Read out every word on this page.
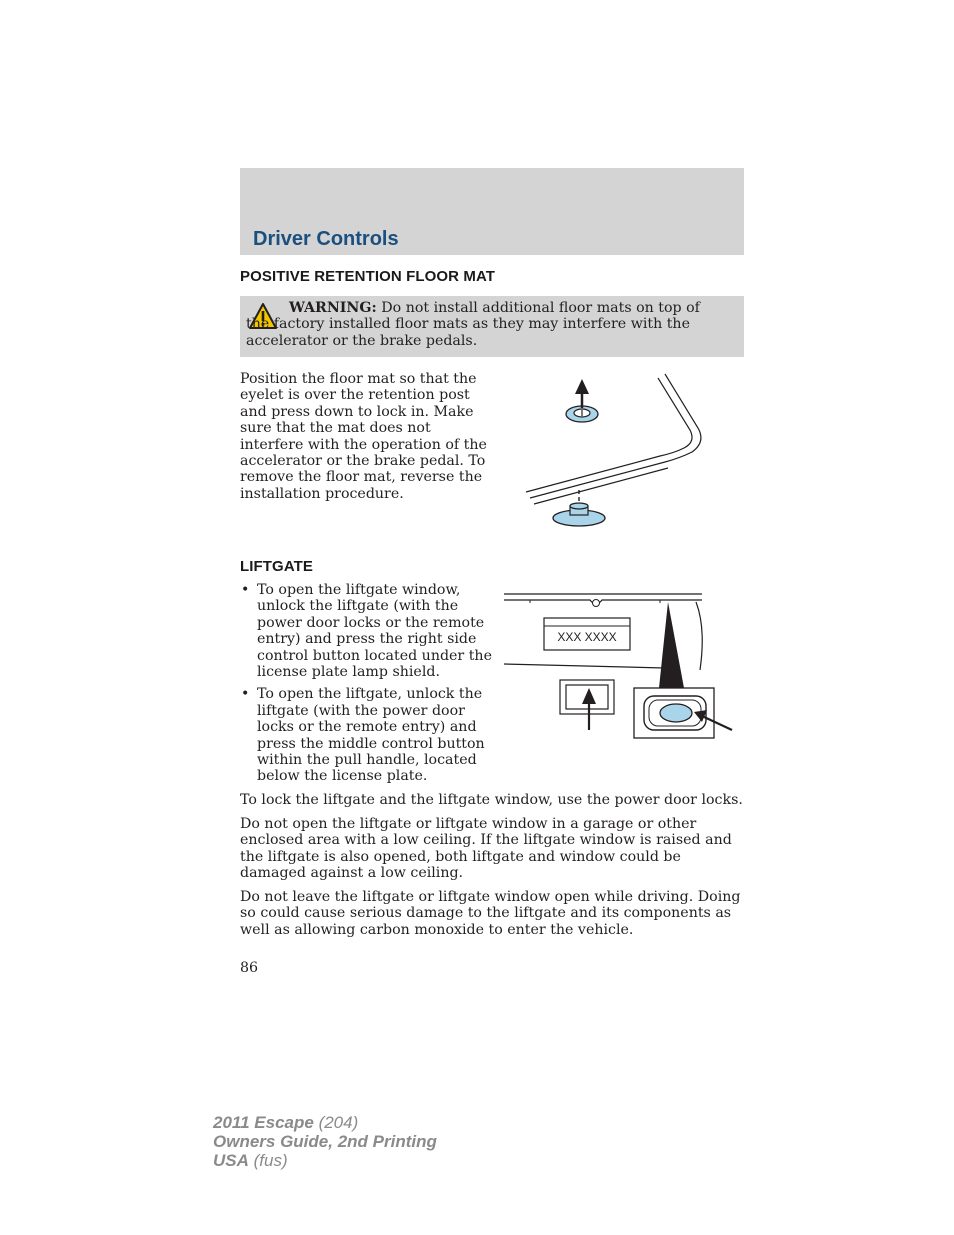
Driver Controls
POSITIVE RETENTION FLOOR MAT
WARNING: Do not install additional floor mats on top of the factory installed floor mats as they may interfere with the accelerator or the brake pedals.
Position the floor mat so that the eyelet is over the retention post and press down to lock in. Make sure that the mat does not interfere with the operation of the accelerator or the brake pedal. To remove the floor mat, reverse the installation procedure.
LIFTGATE
• To open the liftgate window, unlock the liftgate (with the power door locks or the remote entry) and press the right side control button located under the license plate lamp shield.
• To open the liftgate, unlock the liftgate (with the power door locks or the remote entry) and press the middle control button within the pull handle, located below the license plate.
XXX XXXX
To lock the liftgate and the liftgate window, use the power door locks.
Do not open the liftgate or liftgate window in a garage or other enclosed area with a low ceiling. If the liftgate window is raised and the liftgate is also opened, both liftgate and window could be damaged against a low ceiling.
Do not leave the liftgate or liftgate window open while driving. Doing so could cause serious damage to the liftgate and its components as well as allowing carbon monoxide to enter the vehicle.
86
2011 Escape (204)
Owners Guide, 2nd Printing
USA (fus)
